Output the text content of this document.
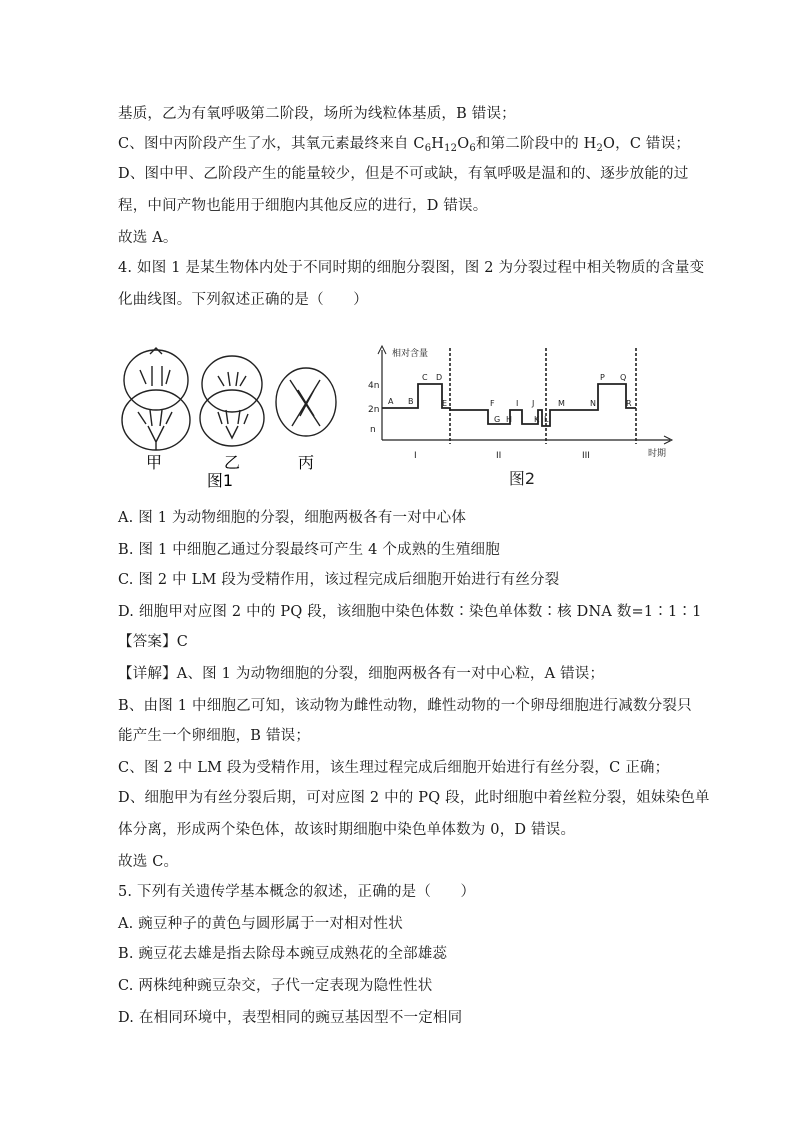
基质，乙为有氧呼吸第二阶段，场所为线粒体基质，B 错误；
C、图中丙阶段产生了水，其氧元素最终来自 $C_6H_{12}O_6$和第二阶段中的 $H_2O$，C 错误；
D、图中甲、乙阶段产生的能量较少，但是不可或缺，有氧呼吸是温和的、逐步放能的过
程，中间产物也能用于细胞内其他反应的进行，D 错误。
故选 A。
4. 如图 1 是某生物体内处于不同时期的细胞分裂图，图 2 为分裂过程中相关物质的含量变
化曲线图。下列叙述正确的是（　　）
甲	乙	丙
图1
相对含量
时期
4n
2n
n
A B
C D
E	F
G H
I J
K L
M	N
P Q
R
I	II	III
图2
A. 图 1 为动物细胞的分裂，细胞两极各有一对中心体
B. 图 1 中细胞乙通过分裂最终可产生 4 个成熟的生殖细胞
C. 图 2 中 LM 段为受精作用，该过程完成后细胞开始进行有丝分裂
D. 细胞甲对应图 2 中的 PQ 段，该细胞中染色体数∶染色单体数∶核 DNA 数=1∶1∶1
【答案】C
【详解】A、图 1 为动物细胞的分裂，细胞两极各有一对中心粒，A 错误；
B、由图 1 中细胞乙可知，该动物为雌性动物，雌性动物的一个卵母细胞进行减数分裂只
能产生一个卵细胞，B 错误；
C、图 2 中 LM 段为受精作用，该生理过程完成后细胞开始进行有丝分裂，C 正确；
D、细胞甲为有丝分裂后期，可对应图 2 中的 PQ 段，此时细胞中着丝粒分裂，姐妹染色单
体分离，形成两个染色体，故该时期细胞中染色单体数为 0，D 错误。
故选 C。
5. 下列有关遗传学基本概念的叙述，正确的是（　　）
A. 豌豆种子的黄色与圆形属于一对相对性状
B. 豌豆花去雄是指去除母本豌豆成熟花的全部雄蕊
C. 两株纯种豌豆杂交，子代一定表现为隐性性状
D. 在相同环境中，表型相同的豌豆基因型不一定相同
